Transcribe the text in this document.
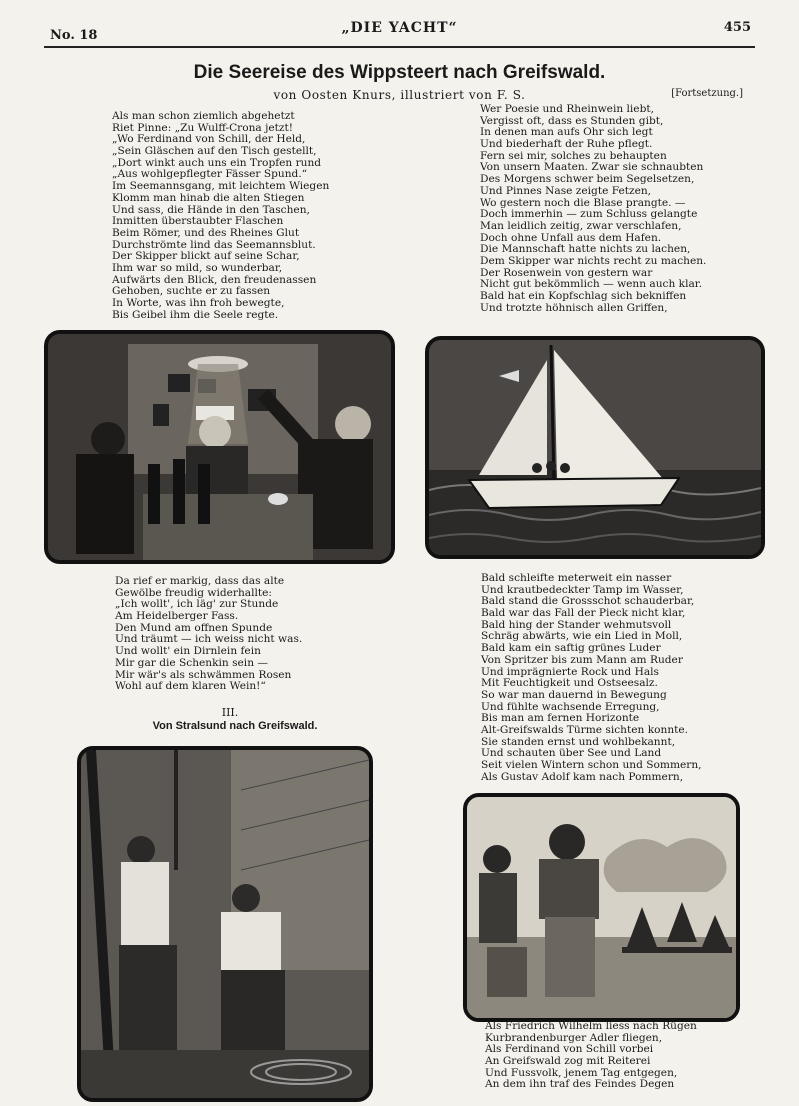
No. 18	„DIE YACHT“	455
Die Seereise des Wippsteert nach Greifswald.
von Oosten Knurs, illustriert von F. S.	[Fortsetzung.]
Als man schon ziemlich abgehetzt
Riet Pinne: „Zu Wulff-Crona jetzt!
„Wo Ferdinand von Schill, der Held,
„Sein Gläschen auf den Tisch gestellt,
„Dort winkt auch uns ein Tropfen rund
„Aus wohlgepflegter Fässer Spund.“
Im Seemannsgang, mit leichtem Wiegen
Klomm man hinab die alten Stiegen
Und sass, die Hände in den Taschen,
Inmitten überstaubter Flaschen
Beim Römer, und des Rheines Glut
Durchströmte lind das Seemannsblut.
Der Skipper blickt auf seine Schar,
Ihm war so mild, so wunderbar,
Aufwärts den Blick, den freudenassen
Gehoben, suchte er zu fassen
In Worte, was ihn froh bewegte,
Bis Geibel ihm die Seele regte.
Wer Poesie und Rheinwein liebt,
Vergisst oft, dass es Stunden gibt,
In denen man aufs Ohr sich legt
Und biederhaft der Ruhe pflegt.
Fern sei mir, solches zu behaupten
Von unsern Maaten. Zwar sie schnaubten
Des Morgens schwer beim Segelsetzen,
Und Pinnes Nase zeigte Fetzen,
Wo gestern noch die Blase prangte. —
Doch immerhin — zum Schluss gelangte
Man leidlich zeitig, zwar verschlafen,
Doch ohne Unfall aus dem Hafen.
Die Mannschaft hatte nichts zu lachen,
Dem Skipper war nichts recht zu machen.
Der Rosenwein von gestern war
Nicht gut bekömmlich — wenn auch klar.
Bald hat ein Kopfschlag sich bekniffen
Und trotzte höhnisch allen Griffen,
Da rief er markig, dass das alte
Gewölbe freudig widerhallte:
„Ich wollt', ich läg' zur Stunde
Am Heidelberger Fass.
Den Mund am offnen Spunde
Und träumt — ich weiss nicht was.
Und wollt' ein Dirnlein fein
Mir gar die Schenkin sein —
Mir wär's als schwämmen Rosen
Wohl auf dem klaren Wein!“
Bald schleifte meterweit ein nasser
Und krautbedeckter Tamp im Wasser,
Bald stand die Grossschot schauderbar,
Bald war das Fall der Pieck nicht klar,
Bald hing der Stander wehmutsvoll
Schräg abwärts, wie ein Lied in Moll,
Bald kam ein saftig grünes Luder
Von Spritzer bis zum Mann am Ruder
Und imprägnierte Rock und Hals
Mit Feuchtigkeit und Ostseesalz.
So war man dauernd in Bewegung
Und fühlte wachsende Erregung,
Bis man am fernen Horizonte
Alt-Greifswalds Türme sichten konnte.
Sie standen ernst und wohlbekannt,
Und schauten über See und Land
Seit vielen Wintern schon und Sommern,
Als Gustav Adolf kam nach Pommern,
III.
Von Stralsund nach Greifswald.
Als Friedrich Wilhelm liess nach Rügen
Kurbrandenburger Adler fliegen,
Als Ferdinand von Schill vorbei
An Greifswald zog mit Reiterei
Und Fussvolk, jenem Tag entgegen,
An dem ihn traf des Feindes Degen
